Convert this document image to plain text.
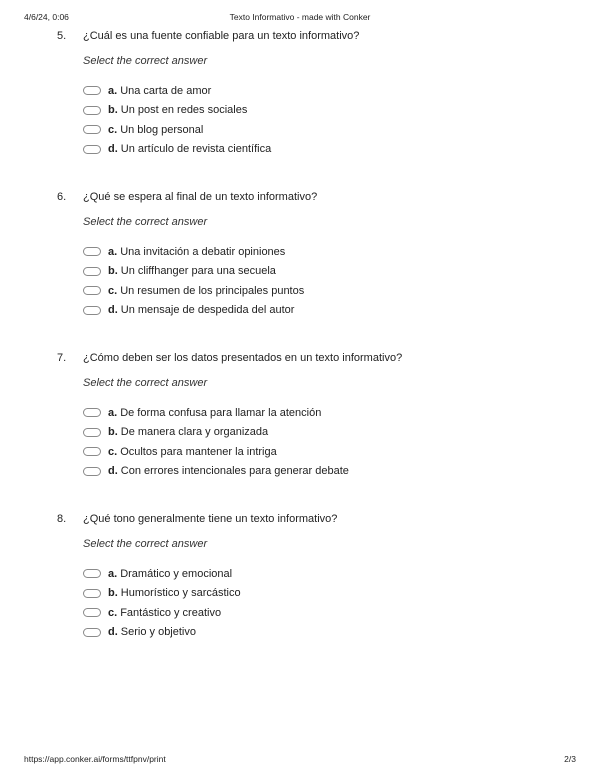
Texto Informativo - made with Conker
4/6/24, 0:06
5. ¿Cuál es una fuente confiable para un texto informativo?
Select the correct answer
a. Una carta de amor
b. Un post en redes sociales
c. Un blog personal
d. Un artículo de revista científica
6. ¿Qué se espera al final de un texto informativo?
Select the correct answer
a. Una invitación a debatir opiniones
b. Un cliffhanger para una secuela
c. Un resumen de los principales puntos
d. Un mensaje de despedida del autor
7. ¿Cómo deben ser los datos presentados en un texto informativo?
Select the correct answer
a. De forma confusa para llamar la atención
b. De manera clara y organizada
c. Ocultos para mantener la intriga
d. Con errores intencionales para generar debate
8. ¿Qué tono generalmente tiene un texto informativo?
Select the correct answer
a. Dramático y emocional
b. Humorístico y sarcástico
c. Fantástico y creativo
d. Serio y objetivo
https://app.conker.ai/forms/ttfpnv/print	2/3
